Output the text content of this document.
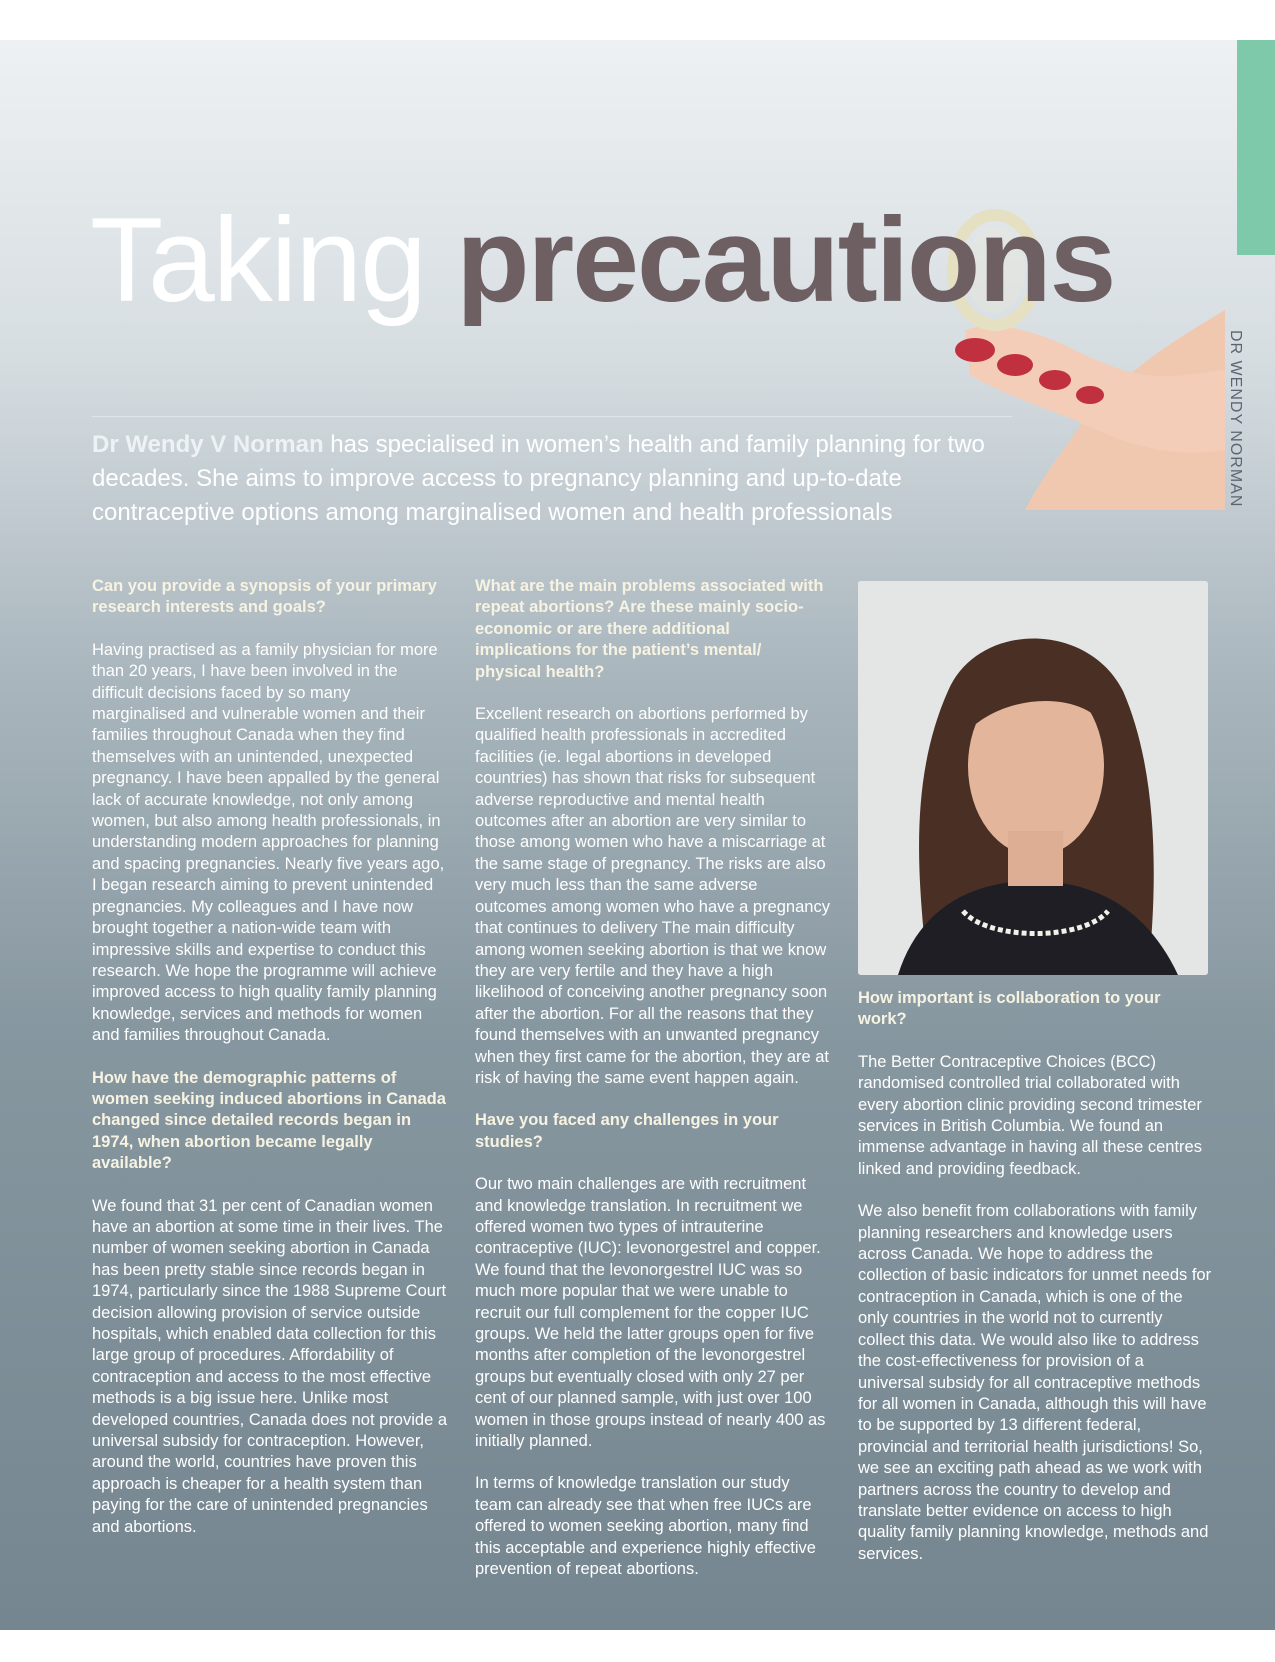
DR WENDY NORMAN
Taking precautions
Dr Wendy V Norman has specialised in women’s health and family planning for two decades. She aims to improve access to pregnancy planning and up-to-date contraceptive options among marginalised women and health professionals

Can you provide a synopsis of your primary research interests and goals?

Having practised as a family physician for more than 20 years, I have been involved in the difficult decisions faced by so many marginalised and vulnerable women and their families throughout Canada when they find themselves with an unintended, unexpected pregnancy. I have been appalled by the general lack of accurate knowledge, not only among women, but also among health professionals, in understanding modern approaches for planning and spacing pregnancies. Nearly five years ago, I began research aiming to prevent unintended pregnancies. My colleagues and I have now brought together a nation-wide team with impressive skills and expertise to conduct this research. We hope the programme will achieve improved access to high quality family planning knowledge, services and methods for women and families throughout Canada.

How have the demographic patterns of women seeking induced abortions in Canada changed since detailed records began in 1974, when abortion became legally available?

We found that 31 per cent of Canadian women have an abortion at some time in their lives. The number of women seeking abortion in Canada has been pretty stable since records began in 1974, particularly since the 1988 Supreme Court decision allowing provision of service outside hospitals, which enabled data collection for this large group of procedures. Affordability of contraception and access to the most effective methods is a big issue here. Unlike most developed countries, Canada does not provide a universal subsidy for contraception. However, around the world, countries have proven this approach is cheaper for a health system than paying for the care of unintended pregnancies and abortions.

What are the main problems associated with repeat abortions? Are these mainly socio-economic or are there additional implications for the patient’s mental/ physical health?

Excellent research on abortions performed by qualified health professionals in accredited facilities (ie. legal abortions in developed countries) has shown that risks for subsequent adverse reproductive and mental health outcomes after an abortion are very similar to those among women who have a miscarriage at the same stage of pregnancy. The risks are also very much less than the same adverse outcomes among women who have a pregnancy that continues to delivery The main difficulty among women seeking abortion is that we know they are very fertile and they have a high likelihood of conceiving another pregnancy soon after the abortion. For all the reasons that they found themselves with an unwanted pregnancy when they first came for the abortion, they are at risk of having the same event happen again.

Have you faced any challenges in your studies?

Our two main challenges are with recruitment and knowledge translation. In recruitment we offered women two types of intrauterine contraceptive (IUC): levonorgestrel and copper. We found that the levonorgestrel IUC was so much more popular that we were unable to recruit our full complement for the copper IUC groups. We held the latter groups open for five months after completion of the levonorgestrel groups but eventually closed with only 27 per cent of our planned sample, with just over 100 women in those groups instead of nearly 400 as initially planned.

In terms of knowledge translation our study team can already see that when free IUCs are offered to women seeking abortion, many find this acceptable and experience highly effective prevention of repeat abortions.

How important is collaboration to your work?

The Better Contraceptive Choices (BCC) randomised controlled trial collaborated with every abortion clinic providing second trimester services in British Columbia. We found an immense advantage in having all these centres linked and providing feedback.

We also benefit from collaborations with family planning researchers and knowledge users across Canada. We hope to address the collection of basic indicators for unmet needs for contraception in Canada, which is one of the only countries in the world not to currently collect this data. We would also like to address the cost-effectiveness for provision of a universal subsidy for all contraceptive methods for all women in Canada, although this will have to be supported by 13 different federal, provincial and territorial health jurisdictions! So, we see an exciting path ahead as we work with partners across the country to develop and translate better evidence on access to high quality family planning knowledge, methods and services.
